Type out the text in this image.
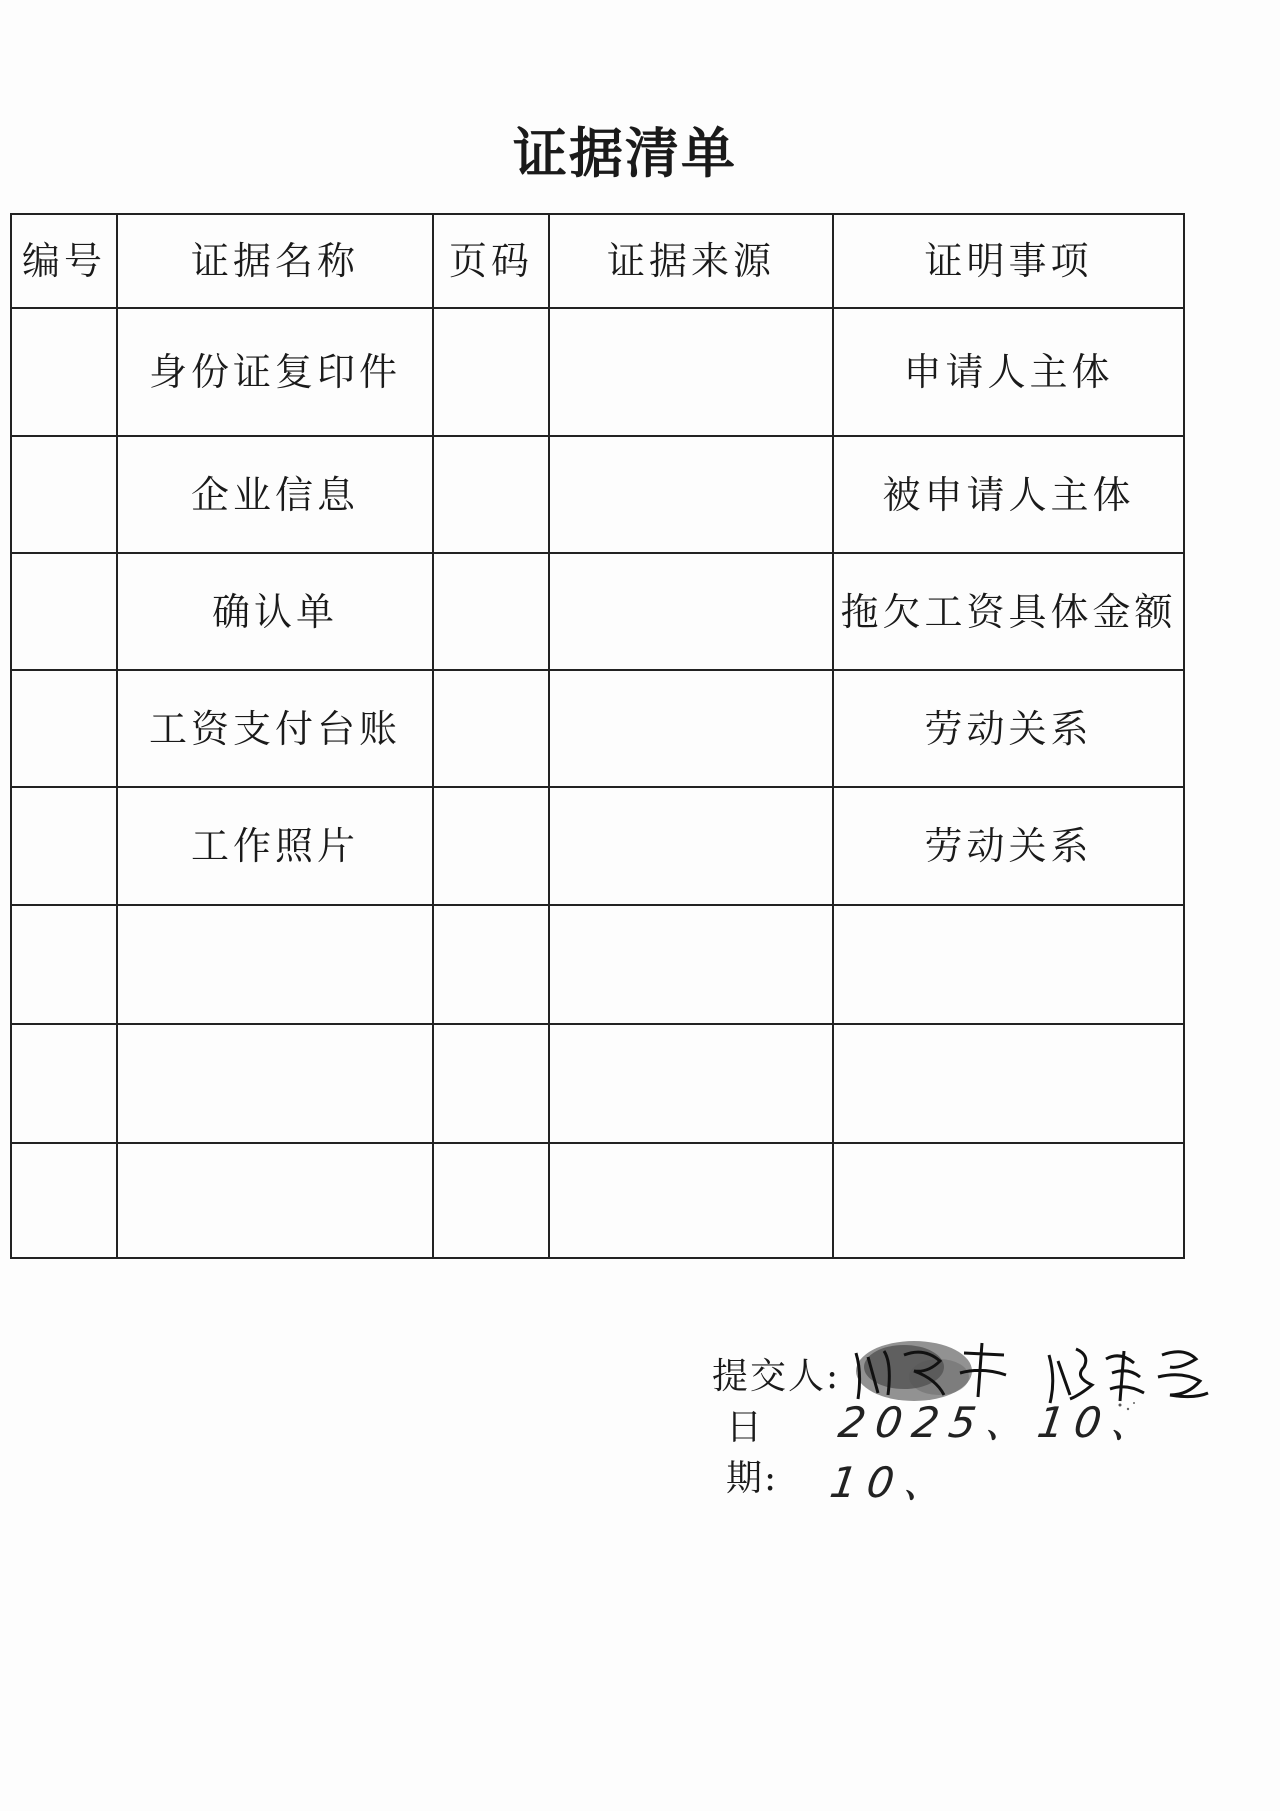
证据清单
编号	证据名称	页码	证据来源	证明事项
	身份证复印件			申请人主体
	企业信息			被申请人主体
	确认单			拖欠工资具体金额
	工资支付台账			劳动关系
	工作照片			劳动关系

提交人:
日期:
2025、10、10、
